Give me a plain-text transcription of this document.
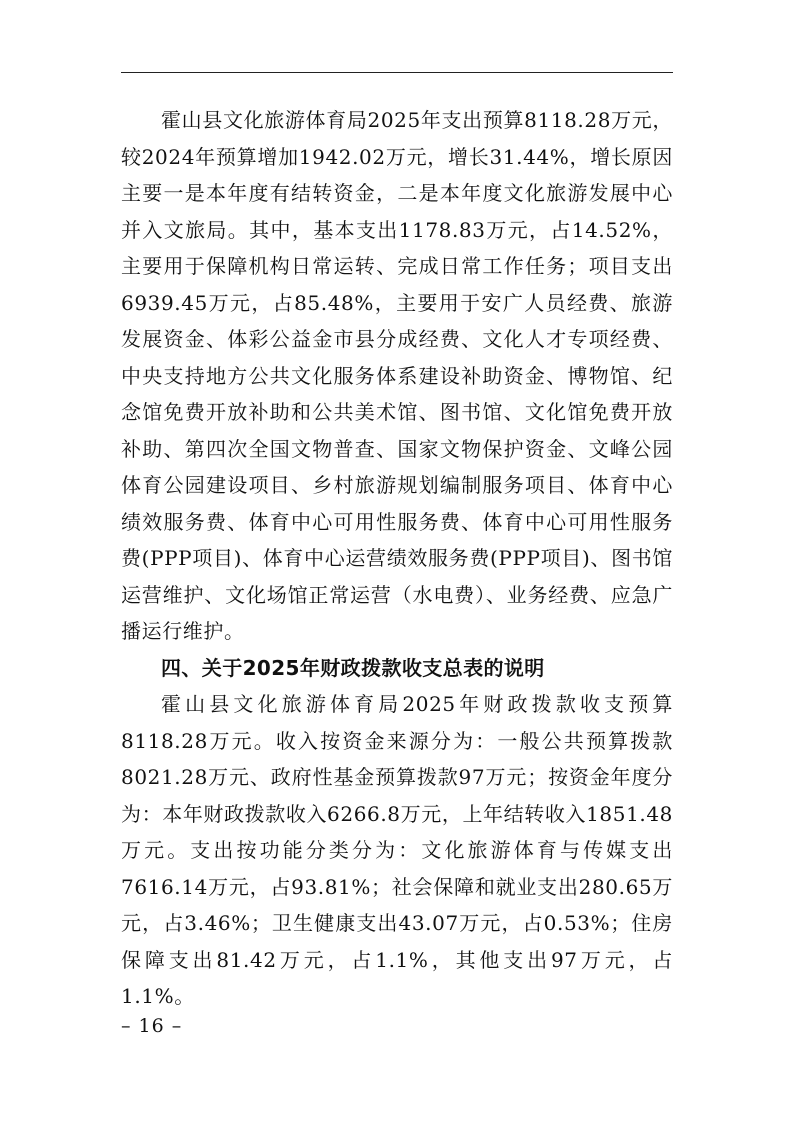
霍山县文化旅游体育局2025年支出预算8118.28万元，较2024年预算增加1942.02万元，增长31.44%，增长原因主要一是本年度有结转资金，二是本年度文化旅游发展中心并入文旅局。其中，基本支出1178.83万元，占14.52%，主要用于保障机构日常运转、完成日常工作任务；项目支出6939.45万元，占85.48%，主要用于安广人员经费、旅游发展资金、体彩公益金市县分成经费、文化人才专项经费、中央支持地方公共文化服务体系建设补助资金、博物馆、纪念馆免费开放补助和公共美术馆、图书馆、文化馆免费开放补助、第四次全国文物普查、国家文物保护资金、文峰公园体育公园建设项目、乡村旅游规划编制服务项目、体育中心绩效服务费、体育中心可用性服务费、体育中心可用性服务费(PPP项目)、体育中心运营绩效服务费(PPP项目)、图书馆运营维护、文化场馆正常运营（水电费）、业务经费、应急广播运行维护。

四、关于2025年财政拨款收支总表的说明

霍山县文化旅游体育局2025年财政拨款收支预算8118.28万元。收入按资金来源分为：一般公共预算拨款8021.28万元、政府性基金预算拨款97万元；按资金年度分为：本年财政拨款收入6266.8万元，上年结转收入1851.48万元。支出按功能分类分为：文化旅游体育与传媒支出7616.14万元，占93.81%；社会保障和就业支出280.65万元，占3.46%；卫生健康支出43.07万元，占0.53%；住房保障支出81.42万元，占1.1%，其他支出97万元，占1.1%。

– 16 –
